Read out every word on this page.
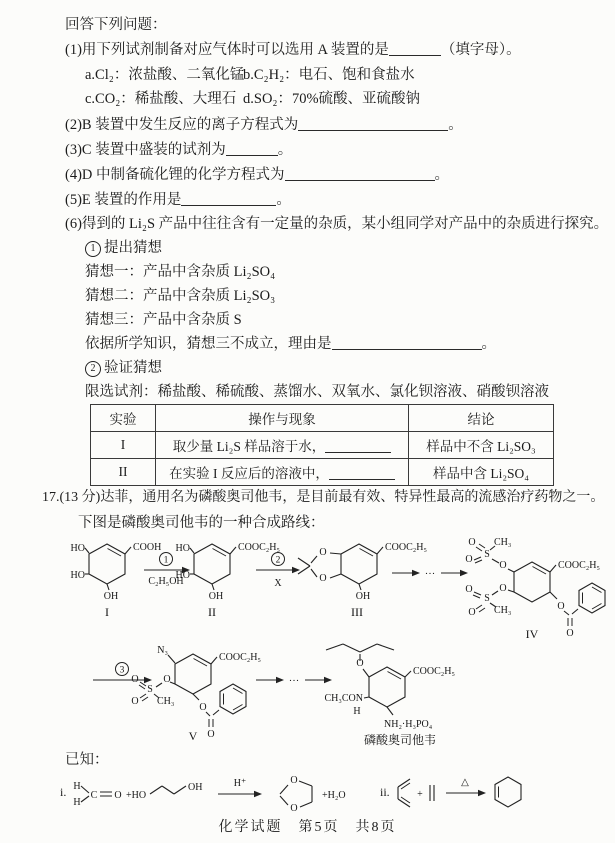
回答下列问题：
(1)用下列试剂制备对应气体时可以选用 A 装置的是	（填字母）。
a.Cl₂：浓盐酸、二氧化锰
b.C₂H₂：电石、饱和食盐水
c.CO₂：稀盐酸、大理石 d.SO₂：70%硫酸、亚硫酸钠
(2)B 装置中发生反应的离子方程式为	。
(3)C 装置中盛装的试剂为	。
(4)D 中制备硫化锂的化学方程式为	。
(5)E 装置的作用是	。
(6)得到的 Li₂S 产品中往往含有一定量的杂质，某小组同学对产品中的杂质进行探究。
1 提出猜想
猜想一：产品中含杂质 Li₂SO₄
猜想二：产品中含杂质 Li₂SO₃
猜想三：产品中含杂质 S
依据所学知识，猜想三不成立，理由是	。
2 验证猜想
限选试剂：稀盐酸、稀硫酸、蒸馏水、双氧水、氯化钡溶液、硝酸钡溶液
实验	操作与现象	结论
I	取少量 Li₂S 样品溶于水，	样品中不含 Li₂SO₃
II	在实验 I 反应后的溶液中，	样品中含 Li₂SO₄
17.(13 分)达菲，通用名为磷酸奥司他韦，是目前最有效、特异性最高的流感治疗药物之一。
下图是磷酸奥司他韦的一种合成路线：
COOH
HO
HO
OH
I
1
C₂H₅OH
COOC₂H₅
HO
HO
OH
II
2
X
COOC₂H₅
OH
O
O
III
···
COOC₂H₅
O
S
O
O
CH₃
O
S
O
O CH₃	O
O
IV
3
N₃
COOC₂H₅
O
S
O
O CH₃
O
O
V
···
O
COOC₂H₅
CH₃CON
H
NH₂·H₃PO₄
磷酸奥司他韦
已知：
i. H
H
C O +HO
OH	H⁺	O
O
+H₂O	ii.	+
△
化学试题　第5页　共8页
